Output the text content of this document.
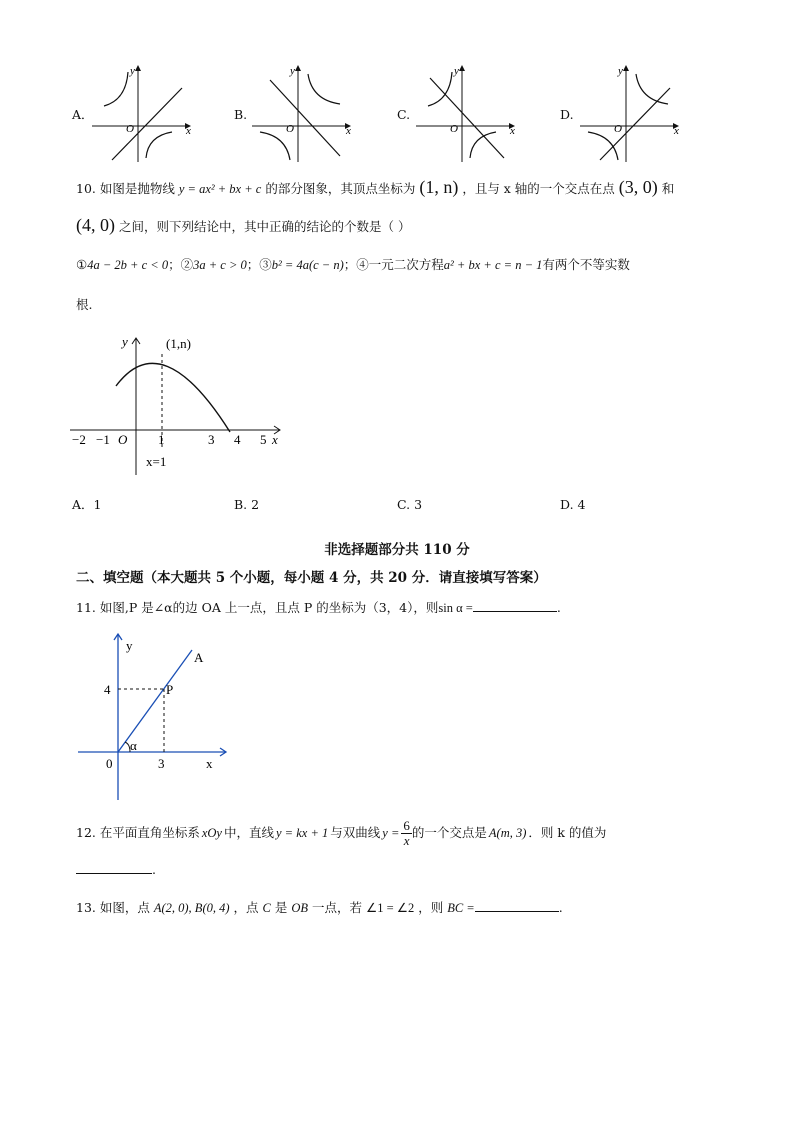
A．
y
x
O
B.
y
x
O
C.
y
x
O
D.
y
x
O
10. 如图是抛物线 y = ax² + bx + c 的部分图象，其顶点坐标为 (1, n) ，且与 x 轴的一个交点在点 (3, 0) 和
(4, 0) 之间，则下列结论中，其中正确的结论的个数是（ ）
①4a − 2b + c < 0；②3a + c > 0；③b² = 4a(c − n)；④一元二次方程a² + bx + c = n − 1有两个不等实数
根.
y
x
(1,n)
O
−2 −1	1	3 4 5
x=1
A．1	B. 2	C. 3	D. 4
非选择题部分共 110 分
二、填空题（本大题共 5 个小题，每小题 4 分，共 20 分．请直接填写答案）
11. 如图,P 是∠α的边 OA 上一点，且点 P 的坐标为（3，4），则sin α =	.
y
x
A
P
4
3
0
α
12. 在平面直角坐标系 xOy 中，直线 y = kx + 1 与双曲线 $y = \frac{6}{x}$ 的一个交点是 A(m, 3) ．则 k 的值为
.
13. 如图，点 A(2, 0), B(0, 4) ，点 C 是 OB 一点，若 ∠1 = ∠2 ，则 BC =	.
